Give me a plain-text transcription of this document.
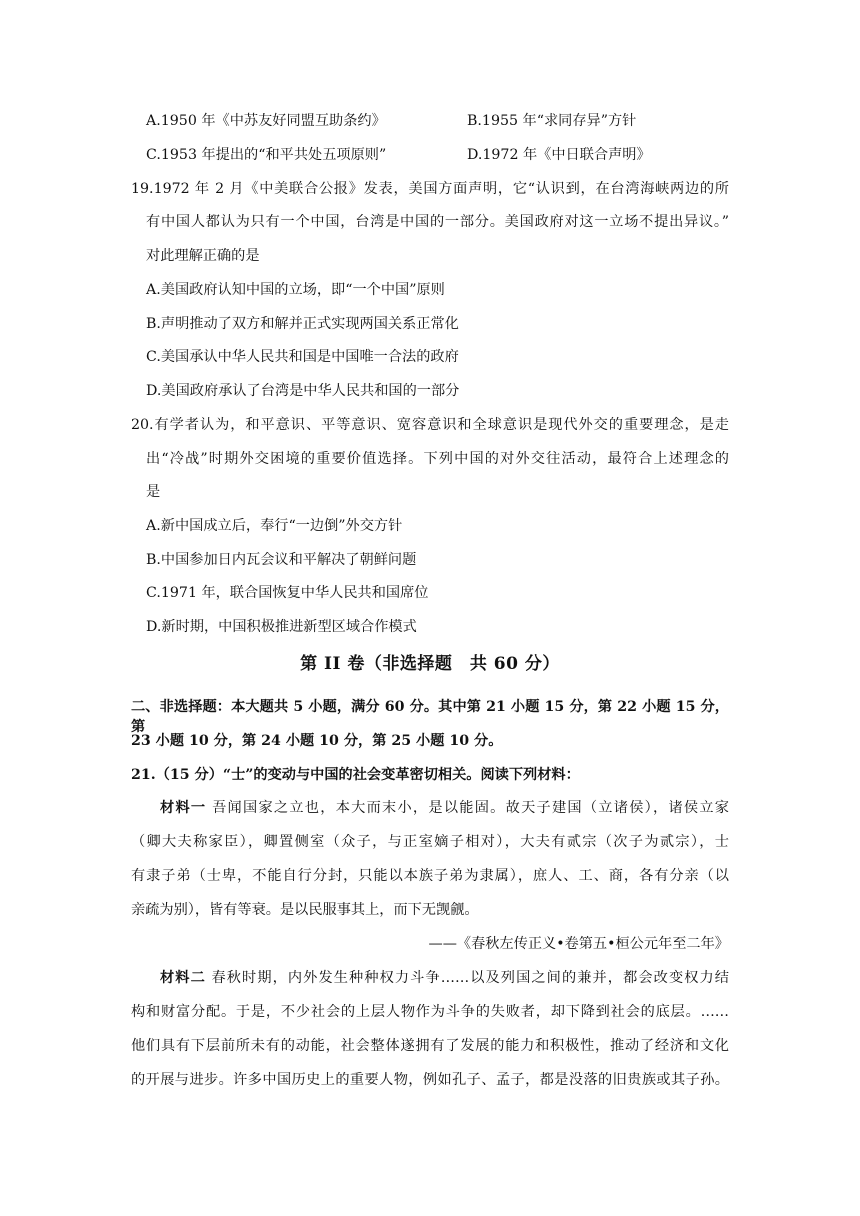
A.1950 年《中苏友好同盟互助条约》	B.1955 年“求同存异”方针
C.1953 年提出的“和平共处五项原则”	D.1972 年《中日联合声明》
19.1972 年 2 月《中美联合公报》发表，美国方面声明，它“认识到，在台湾海峡两边的所
有中国人都认为只有一个中国，台湾是中国的一部分。美国政府对这一立场不提出异议。”
对此理解正确的是
A.美国政府认知中国的立场，即“一个中国”原则
B.声明推动了双方和解并正式实现两国关系正常化
C.美国承认中华人民共和国是中国唯一合法的政府
D.美国政府承认了台湾是中华人民共和国的一部分
20.有学者认为，和平意识、平等意识、宽容意识和全球意识是现代外交的重要理念，是走
出“冷战”时期外交困境的重要价值选择。下列中国的对外交往活动，最符合上述理念的
是
A.新中国成立后，奉行“一边倒”外交方针
B.中国参加日内瓦会议和平解决了朝鲜问题
C.1971 年，联合国恢复中华人民共和国席位
D.新时期，中国积极推进新型区域合作模式
第 II 卷（非选择题　共 60 分）
二、非选择题：本大题共 5 小题，满分 60 分。其中第 21 小题 15 分，第 22 小题 15 分，第
23 小题 10 分，第 24 小题 10 分，第 25 小题 10 分。
21.（15 分）“士”的变动与中国的社会变革密切相关。阅读下列材料：
材料一 吾闻国家之立也，本大而末小，是以能固。故天子建国（立诸侯），诸侯立家
（卿大夫称家臣），卿置侧室（众子，与正室嫡子相对），大夫有贰宗（次子为贰宗），士
有隶子弟（士卑，不能自行分封，只能以本族子弟为隶属），庶人、工、商，各有分亲（以
亲疏为别），皆有等衰。是以民服事其上，而下无觊觎。
——《春秋左传正义•卷第五•桓公元年至二年》
材料二 春秋时期，内外发生种种权力斗争……以及列国之间的兼并，都会改变权力结
构和财富分配。于是，不少社会的上层人物作为斗争的失败者，却下降到社会的底层。……
他们具有下层前所未有的动能，社会整体遂拥有了发展的能力和积极性，推动了经济和文化
的开展与进步。许多中国历史上的重要人物，例如孔子、孟子，都是没落的旧贵族或其子孙。
